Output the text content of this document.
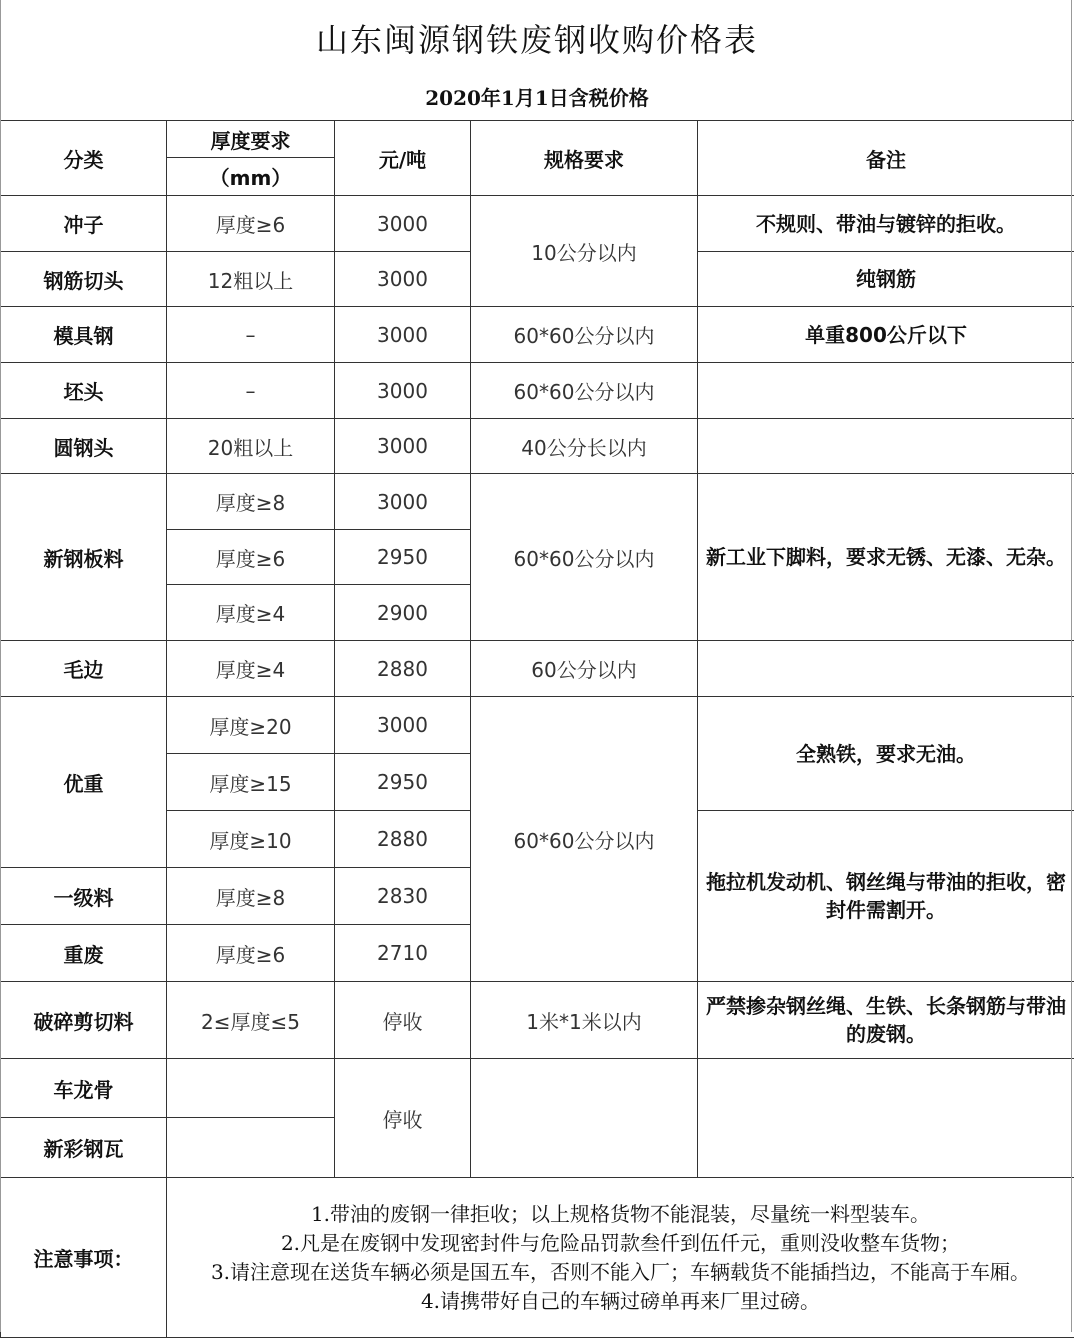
山东闽源钢铁废钢收购价格表
2020年1月1日含税价格
分类	厚度要求	元/吨	规格要求	备注
	（mm）			
冲子	厚度≥6	3000	10公分以内	不规则、带油与镀锌的拒收。
钢筋切头	12粗以上	3000		纯钢筋
模具钢	–	3000	60*60公分以内	单重800公斤以下
坯头	–	3000	60*60公分以内	
圆钢头	20粗以上	3000	40公分长以内	
新钢板料	厚度≥8	3000	60*60公分以内	新工业下脚料，要求无锈、无漆、无杂。
	厚度≥6	2950		
	厚度≥4	2900		
毛边	厚度≥4	2880	60公分以内	
优重	厚度≥20	3000	60*60公分以内	全熟铁，要求无油。
	厚度≥15	2950		
	厚度≥10	2880		拖拉机发动机、钢丝绳与带油的拒收，密封件需割开。
一级料	厚度≥8	2830		
重废	厚度≥6	2710		
破碎剪切料	2≤厚度≤5	停收	1米*1米以内	严禁掺杂钢丝绳、生铁、长条钢筋与带油的废钢。
车龙骨		停收		
新彩钢瓦				
注意事项：	1.带油的废钢一律拒收；以上规格货物不能混装，尽量统一料型装车。
2.凡是在废钢中发现密封件与危险品罚款叁仟到伍仟元，重则没收整车货物；
3.请注意现在送货车辆必须是国五车，否则不能入厂；车辆载货不能插挡边，不能高于车厢。
4.请携带好自己的车辆过磅单再来厂里过磅。			
